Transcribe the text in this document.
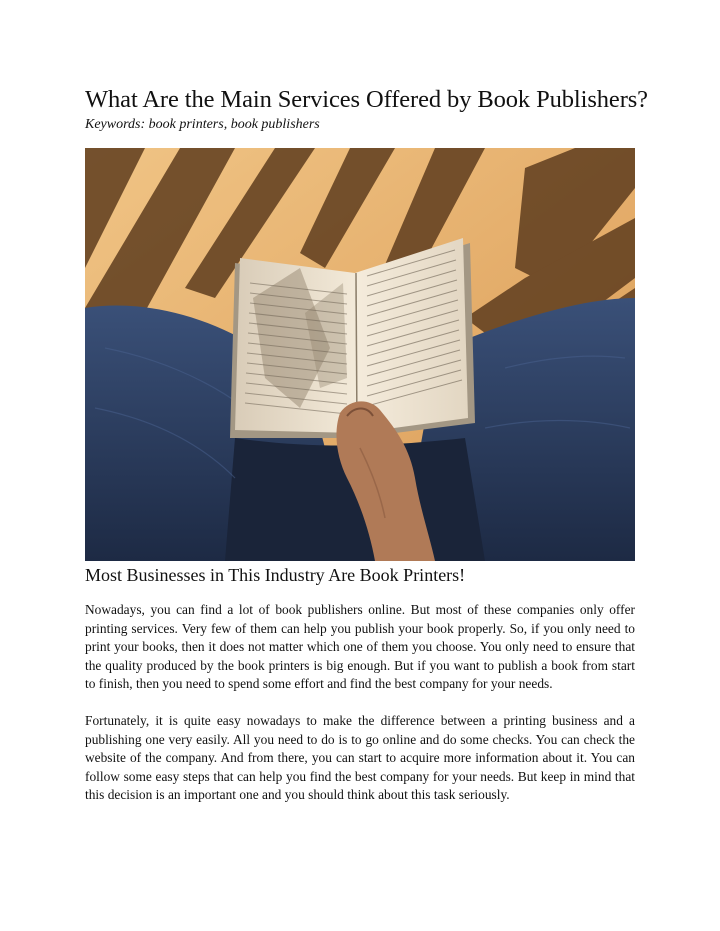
What Are the Main Services Offered by Book Publishers?

Keywords: book printers, book publishers

Most Businesses in This Industry Are Book Printers!

Nowadays, you can find a lot of book publishers online. But most of these companies only offer printing services. Very few of them can help you publish your book properly. So, if you only need to print your books, then it does not matter which one of them you choose. You only need to ensure that the quality produced by the book printers is big enough. But if you want to publish a book from start to finish, then you need to spend some effort and find the best company for your needs.

Fortunately, it is quite easy nowadays to make the difference between a printing business and a publishing one very easily. All you need to do is to go online and do some checks. You can check the website of the company. And from there, you can start to acquire more information about it. You can follow some easy steps that can help you find the best company for your needs. But keep in mind that this decision is an important one and you should think about this task seriously.
